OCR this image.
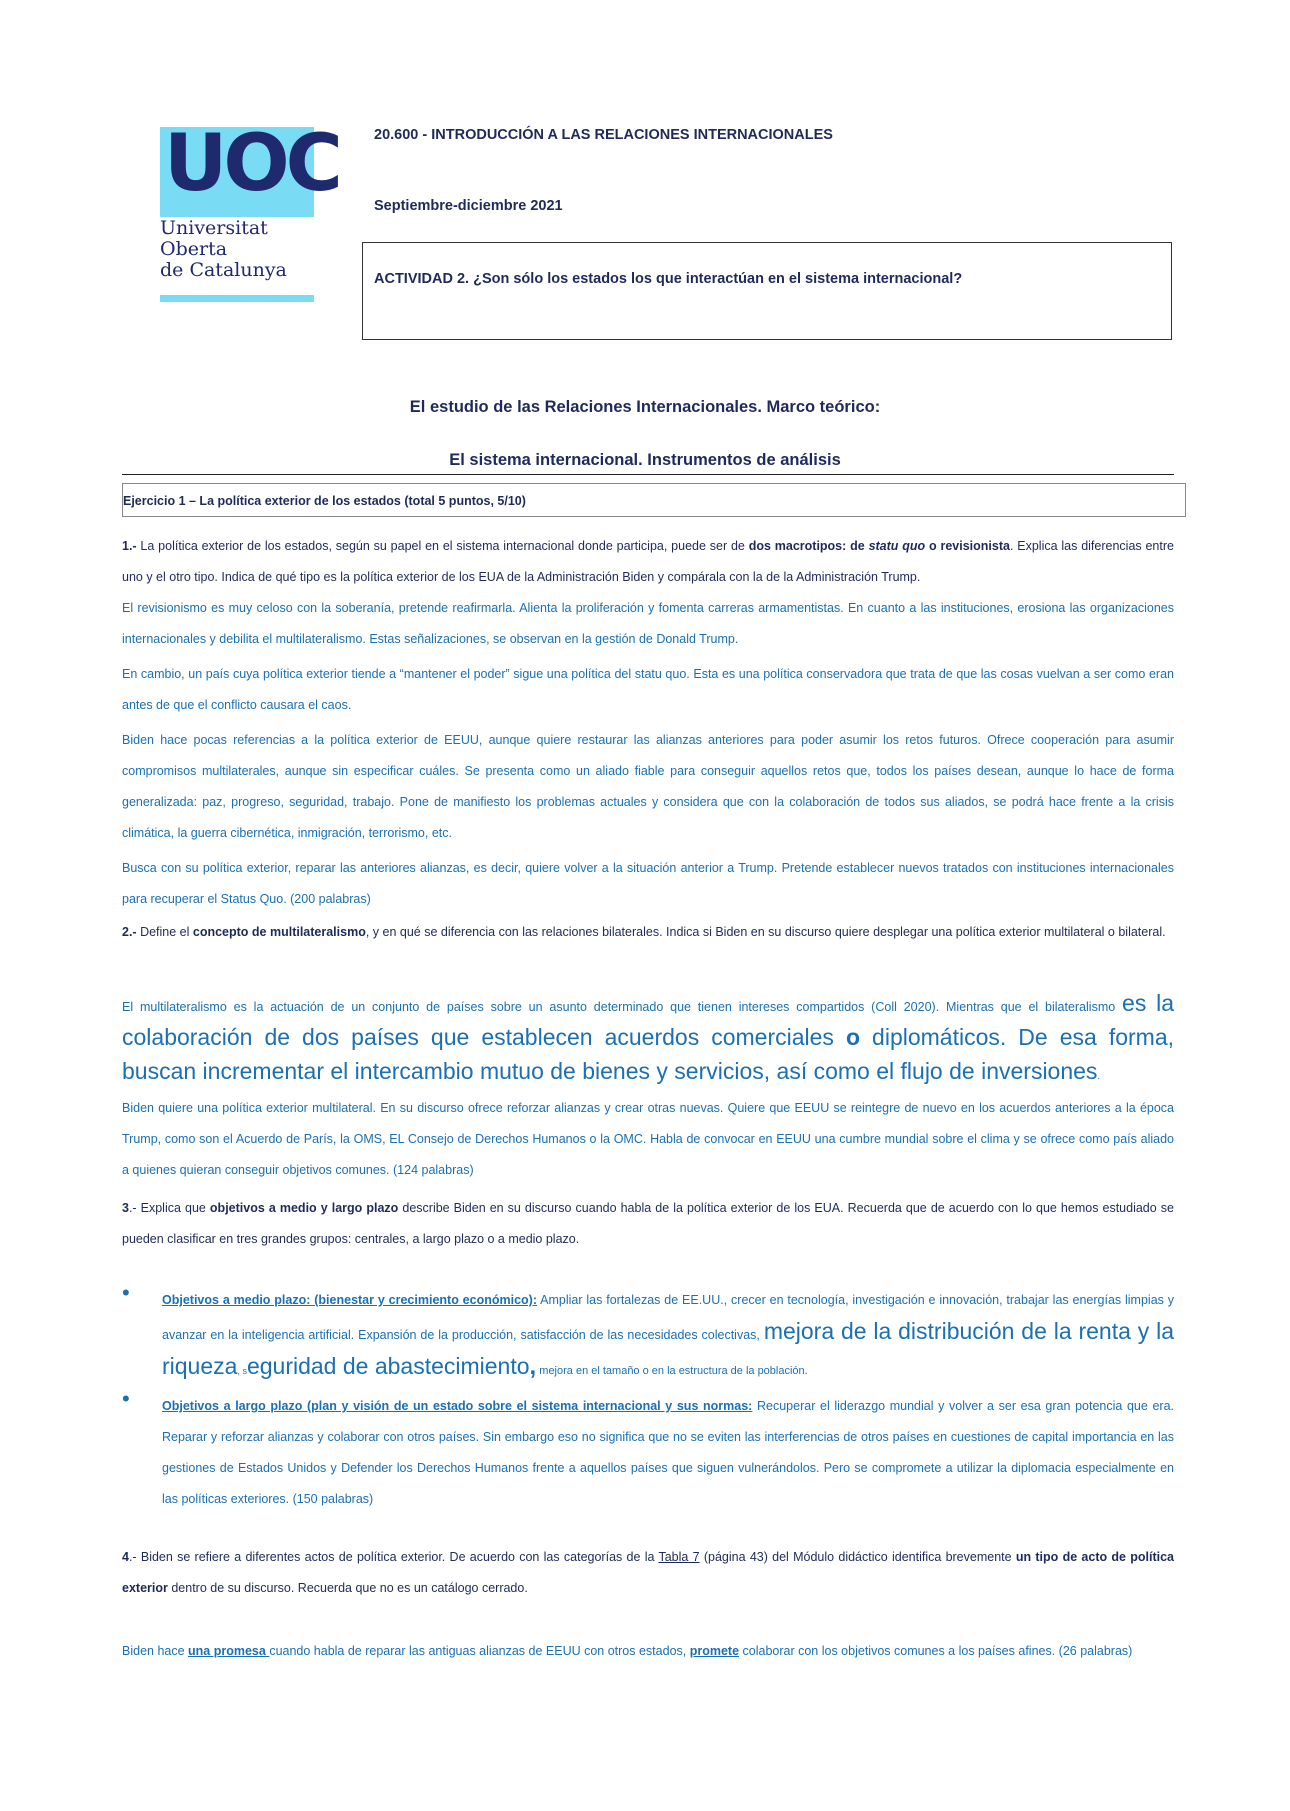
UOC
Universitat
Oberta
de Catalunya
20.600 - INTRODUCCIÓN A LAS RELACIONES INTERNACIONALES
Septiembre-diciembre 2021
ACTIVIDAD 2. ¿Son sólo los estados los que interactúan en el sistema internacional?
El estudio de las Relaciones Internacionales. Marco teórico:
El sistema internacional. Instrumentos de análisis
Ejercicio 1 – La política exterior de los estados (total 5 puntos, 5/10)

1.- La política exterior de los estados, según su papel en el sistema internacional donde participa, puede ser de dos macrotipos: de statu quo o revisionista. Explica las diferencias entre uno y el otro tipo. Indica de qué tipo es la política exterior de los EUA de la Administración Biden y compárala con la de la Administración Trump.

El revisionismo es muy celoso con la soberanía, pretende reafirmarla. Alienta la proliferación y fomenta carreras armamentistas. En cuanto a las instituciones, erosiona las organizaciones internacionales y debilita el multilateralismo. Estas señalizaciones, se observan en la gestión de Donald Trump.

En cambio, un país cuya política exterior tiende a “mantener el poder” sigue una política del statu quo. Esta es una política conservadora que trata de que las cosas vuelvan a ser como eran antes de que el conflicto causara el caos.

Biden hace pocas referencias a la política exterior de EEUU, aunque quiere restaurar las alianzas anteriores para poder asumir los retos futuros. Ofrece cooperación para asumir compromisos multilaterales, aunque sin especificar cuáles. Se presenta como un aliado fiable para conseguir aquellos retos que, todos los países desean, aunque lo hace de forma generalizada: paz, progreso, seguridad, trabajo. Pone de manifiesto los problemas actuales y considera que con la colaboración de todos sus aliados, se podrá hace frente a la crisis climática, la guerra cibernética, inmigración, terrorismo, etc.

Busca con su política exterior, reparar las anteriores alianzas, es decir, quiere volver a la situación anterior a Trump. Pretende establecer nuevos tratados con instituciones internacionales para recuperar el Status Quo. (200 palabras)

2.- Define el concepto de multilateralismo, y en qué se diferencia con las relaciones bilaterales. Indica si Biden en su discurso quiere desplegar una política exterior multilateral o bilateral.

El multilateralismo es la actuación de un conjunto de países sobre un asunto determinado que tienen intereses compartidos (Coll 2020). Mientras que el bilateralismo es la colaboración de dos países que establecen acuerdos comerciales o diplomáticos. De esa forma, buscan incrementar el intercambio mutuo de bienes y servicios, así como el flujo de inversiones.

Biden quiere una política exterior multilateral. En su discurso ofrece reforzar alianzas y crear otras nuevas. Quiere que EEUU se reintegre de nuevo en los acuerdos anteriores a la época Trump, como son el Acuerdo de París, la OMS, EL Consejo de Derechos Humanos o la OMC. Habla de convocar en EEUU una cumbre mundial sobre el clima y se ofrece como país aliado a quienes quieran conseguir objetivos comunes. (124 palabras)

3.- Explica que objetivos a medio y largo plazo describe Biden en su discurso cuando habla de la política exterior de los EUA. Recuerda que de acuerdo con lo que hemos estudiado se pueden clasificar en tres grandes grupos: centrales, a largo plazo o a medio plazo.

•	Objetivos a medio plazo: (bienestar y crecimiento económico): Ampliar las fortalezas de EE.UU., crecer en tecnología, investigación e innovación, trabajar las energías limpias y avanzar en la inteligencia artificial. Expansión de la producción, satisfacción de las necesidades colectivas, mejora de la distribución de la renta y la riqueza, seguridad de abastecimiento, mejora en el tamaño o en la estructura de la población.
•	Objetivos a largo plazo (plan y visión de un estado sobre el sistema internacional y sus normas: Recuperar el liderazgo mundial y volver a ser esa gran potencia que era. Reparar y reforzar alianzas y colaborar con otros países. Sin embargo eso no significa que no se eviten las interferencias de otros países en cuestiones de capital importancia en las gestiones de Estados Unidos y Defender los Derechos Humanos frente a aquellos países que siguen vulnerándolos. Pero se compromete a utilizar la diplomacia especialmente en las políticas exteriores. (150 palabras)

4.- Biden se refiere a diferentes actos de política exterior. De acuerdo con las categorías de la Tabla 7 (página 43) del Módulo didáctico identifica brevemente un tipo de acto de política exterior dentro de su discurso. Recuerda que no es un catálogo cerrado.

Biden hace una promesa cuando habla de reparar las antiguas alianzas de EEUU con otros estados, promete colaborar con los objetivos comunes a los países afines. (26 palabras)
